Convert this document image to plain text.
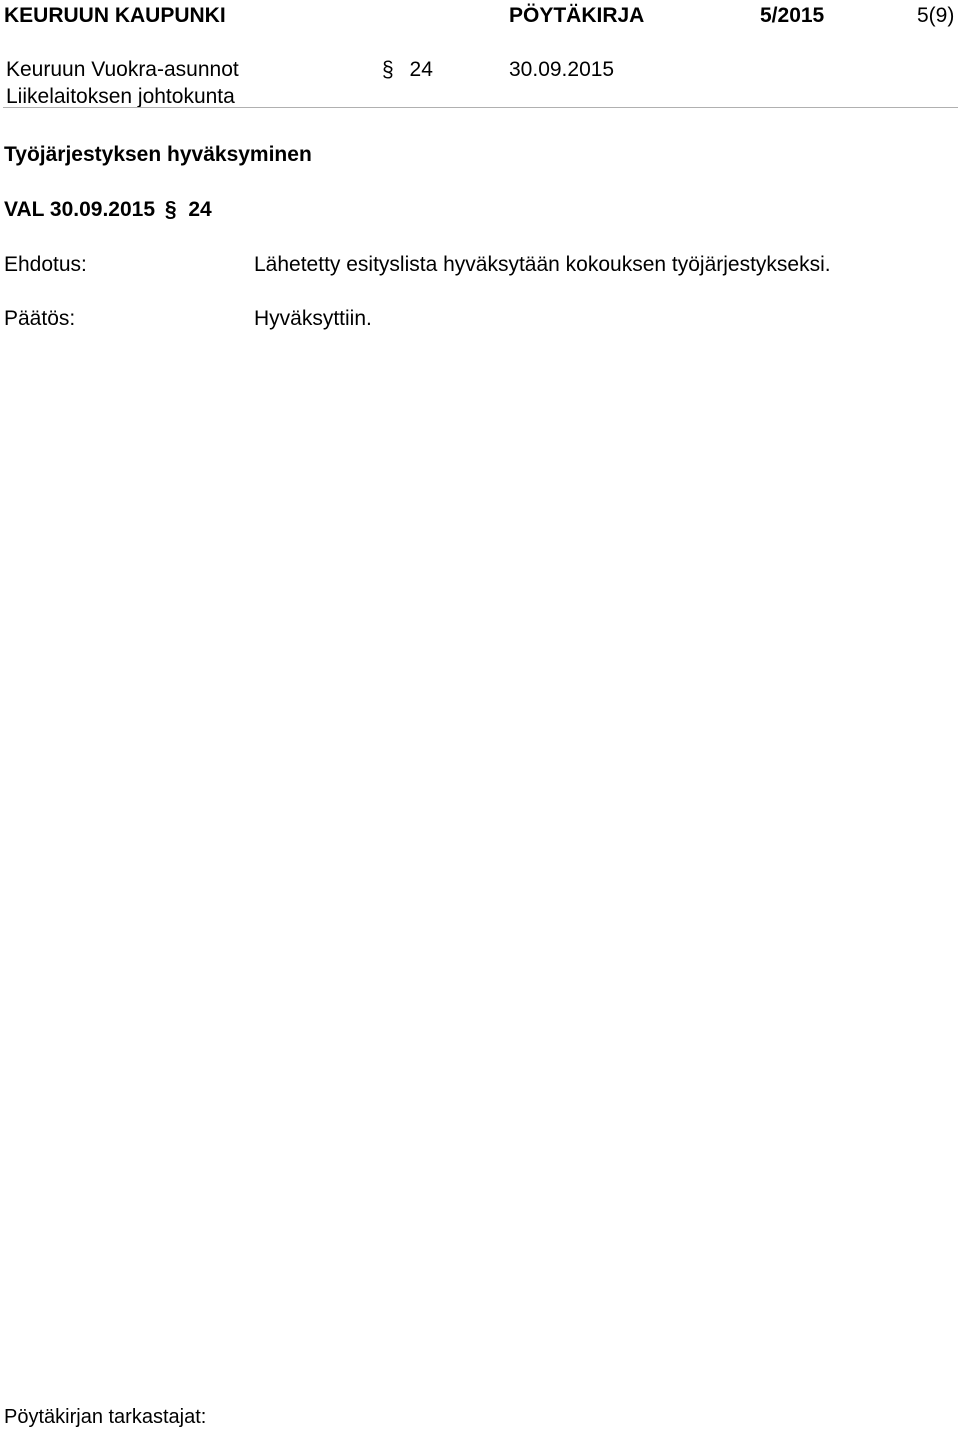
KEURUUN KAUPUNKI	PÖYTÄKIRJA	5/2015	5(9)
Keuruun Vuokra-asunnot	§ 24	30.09.2015
Liikelaitoksen johtokunta
Työjärjestyksen hyväksyminen
VAL 30.09.2015 § 24
Ehdotus:	Lähetetty esityslista hyväksytään kokouksen työjärjestykseksi.
Päätös:	Hyväksyttiin.
Pöytäkirjan tarkastajat:
